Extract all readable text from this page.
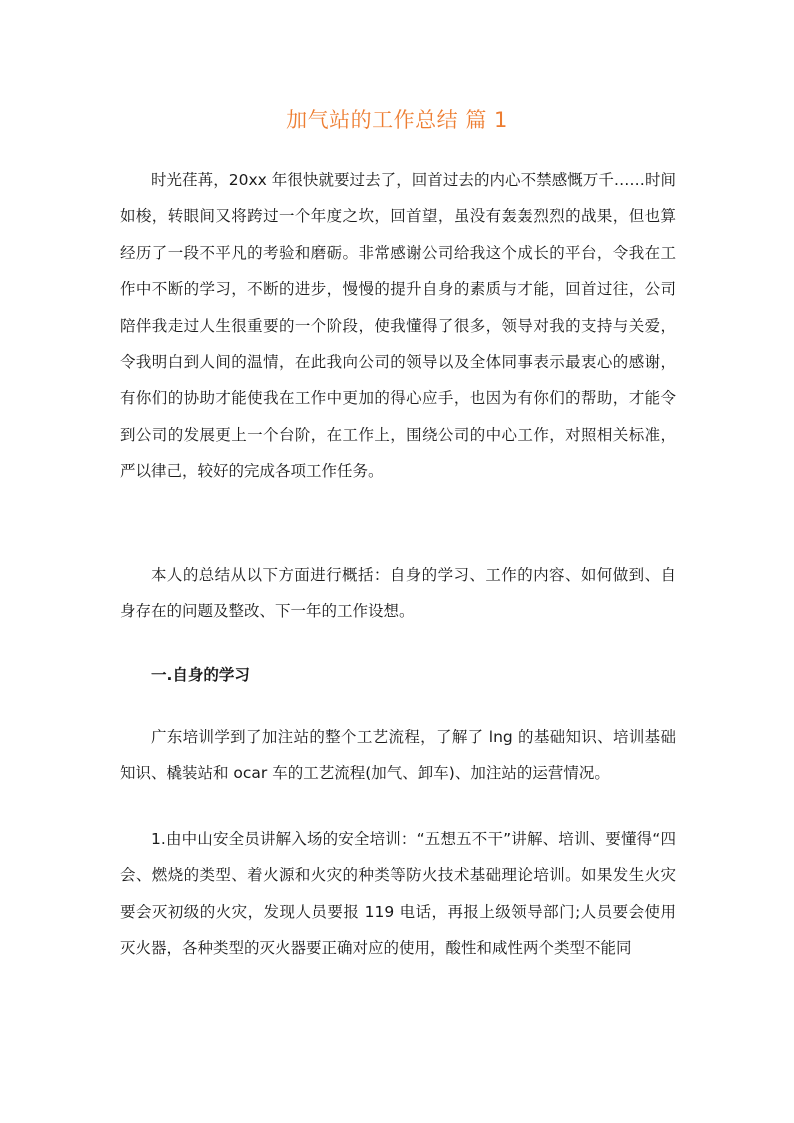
加气站的工作总结 篇 1

时光荏苒，20xx 年很快就要过去了，回首过去的内心不禁感慨万千……时间如梭，转眼间又将跨过一个年度之坎，回首望，虽没有轰轰烈烈的战果，但也算经历了一段不平凡的考验和磨砺。非常感谢公司给我这个成长的平台，令我在工作中不断的学习，不断的进步，慢慢的提升自身的素质与才能，回首过往，公司陪伴我走过人生很重要的一个阶段，使我懂得了很多，领导对我的支持与关爱，令我明白到人间的温情，在此我向公司的领导以及全体同事表示最衷心的感谢，有你们的协助才能使我在工作中更加的得心应手，也因为有你们的帮助，才能令到公司的发展更上一个台阶，在工作上，围绕公司的中心工作，对照相关标准，严以律己，较好的完成各项工作任务。

本人的总结从以下方面进行概括：自身的学习、工作的内容、如何做到、自身存在的问题及整改、下一年的工作设想。

一.自身的学习

广东培训学到了加注站的整个工艺流程，了解了 lng 的基础知识、培训基础知识、橇装站和 ocar 车的工艺流程(加气、卸车)、加注站的运营情况。

1.由中山安全员讲解入场的安全培训：“五想五不干”讲解、培训、要懂得“四会、燃烧的类型、着火源和火灾的种类等防火技术基础理论培训。如果发生火灾要会灭初级的火灾，发现人员要报 119 电话，再报上级领导部门;人员要会使用灭火器，各种类型的灭火器要正确对应的使用，酸性和咸性两个类型不能同
